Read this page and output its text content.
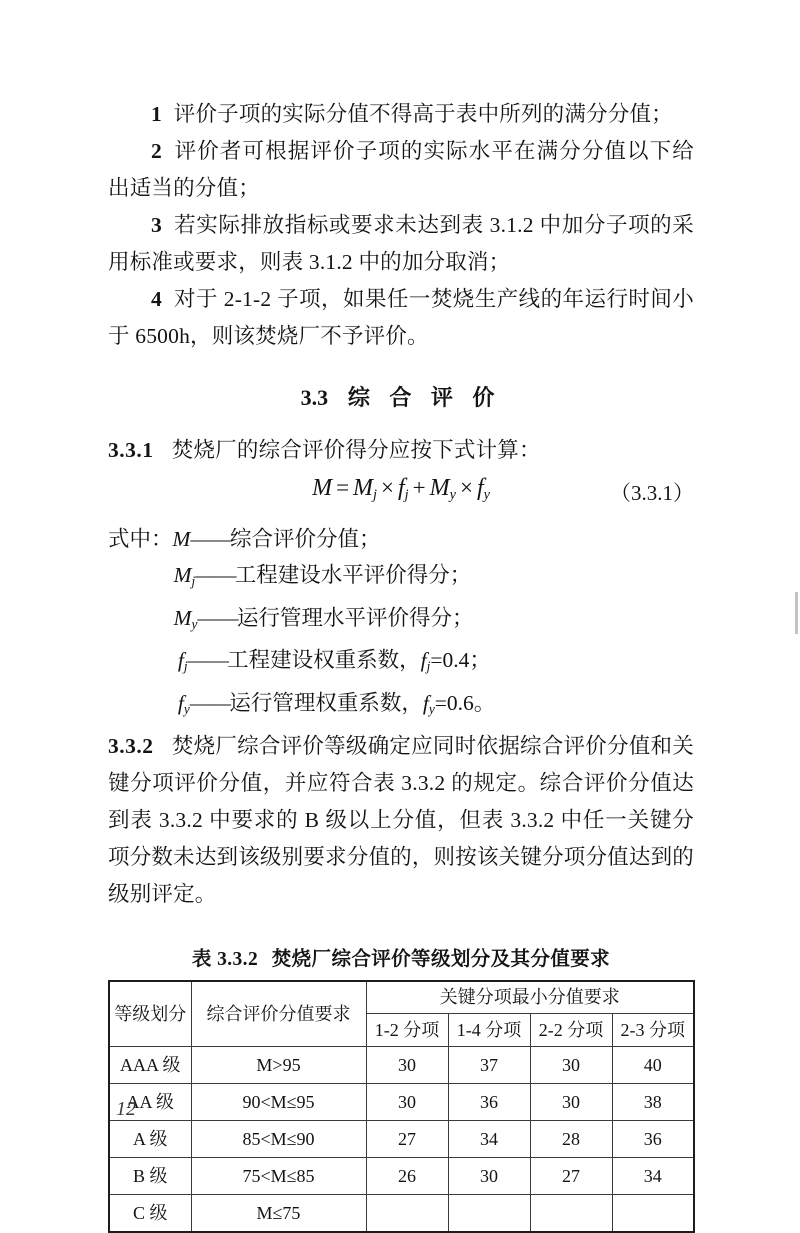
1 评价子项的实际分值不得高于表中所列的满分分值；

2 评价者可根据评价子项的实际水平在满分分值以下给出适当的分值；

3 若实际排放指标或要求未达到表 3.1.2 中加分子项的采用标准或要求，则表 3.1.2 中的加分取消；

4 对于 2-1-2 子项，如果任一焚烧生产线的年运行时间小于 6500h，则该焚烧厂不予评价。

3.3 综 合 评 价

3.3.1 焚烧厂的综合评价得分应按下式计算：

$M = M_j \times f_j + M_y \times f_y$	（3.3.1）
式中：M——综合评价分值；
$M_j——$工程建设水平评价得分；
$M_y——$运行管理水平评价得分；
$f_j——$工程建设权重系数，$f_j=0.4$；
$f_y——$运行管理权重系数，$f_y=0.6$。

3.3.2 焚烧厂综合评价等级确定应同时依据综合评价分值和关键分项评价分值，并应符合表 3.3.2 的规定。综合评价分值达到表 3.3.2 中要求的 B 级以上分值，但表 3.3.2 中任一关键分项分数未达到该级别要求分值的，则按该关键分项分值达到的级别评定。

表 3.3.2 焚烧厂综合评价等级划分及其分值要求
等级划分	综合评价分值要求	关键分项最小分值要求			
		1-2 分项	1-4 分项	2-2 分项	2-3 分项
AAA 级	M>95	30	37	30	40
AA 级	90<M≤95	30	36	30	38
A 级	85<M≤90	27	34	28	36
B 级	75<M≤85	26	30	27	34
C 级	M≤75				
12
